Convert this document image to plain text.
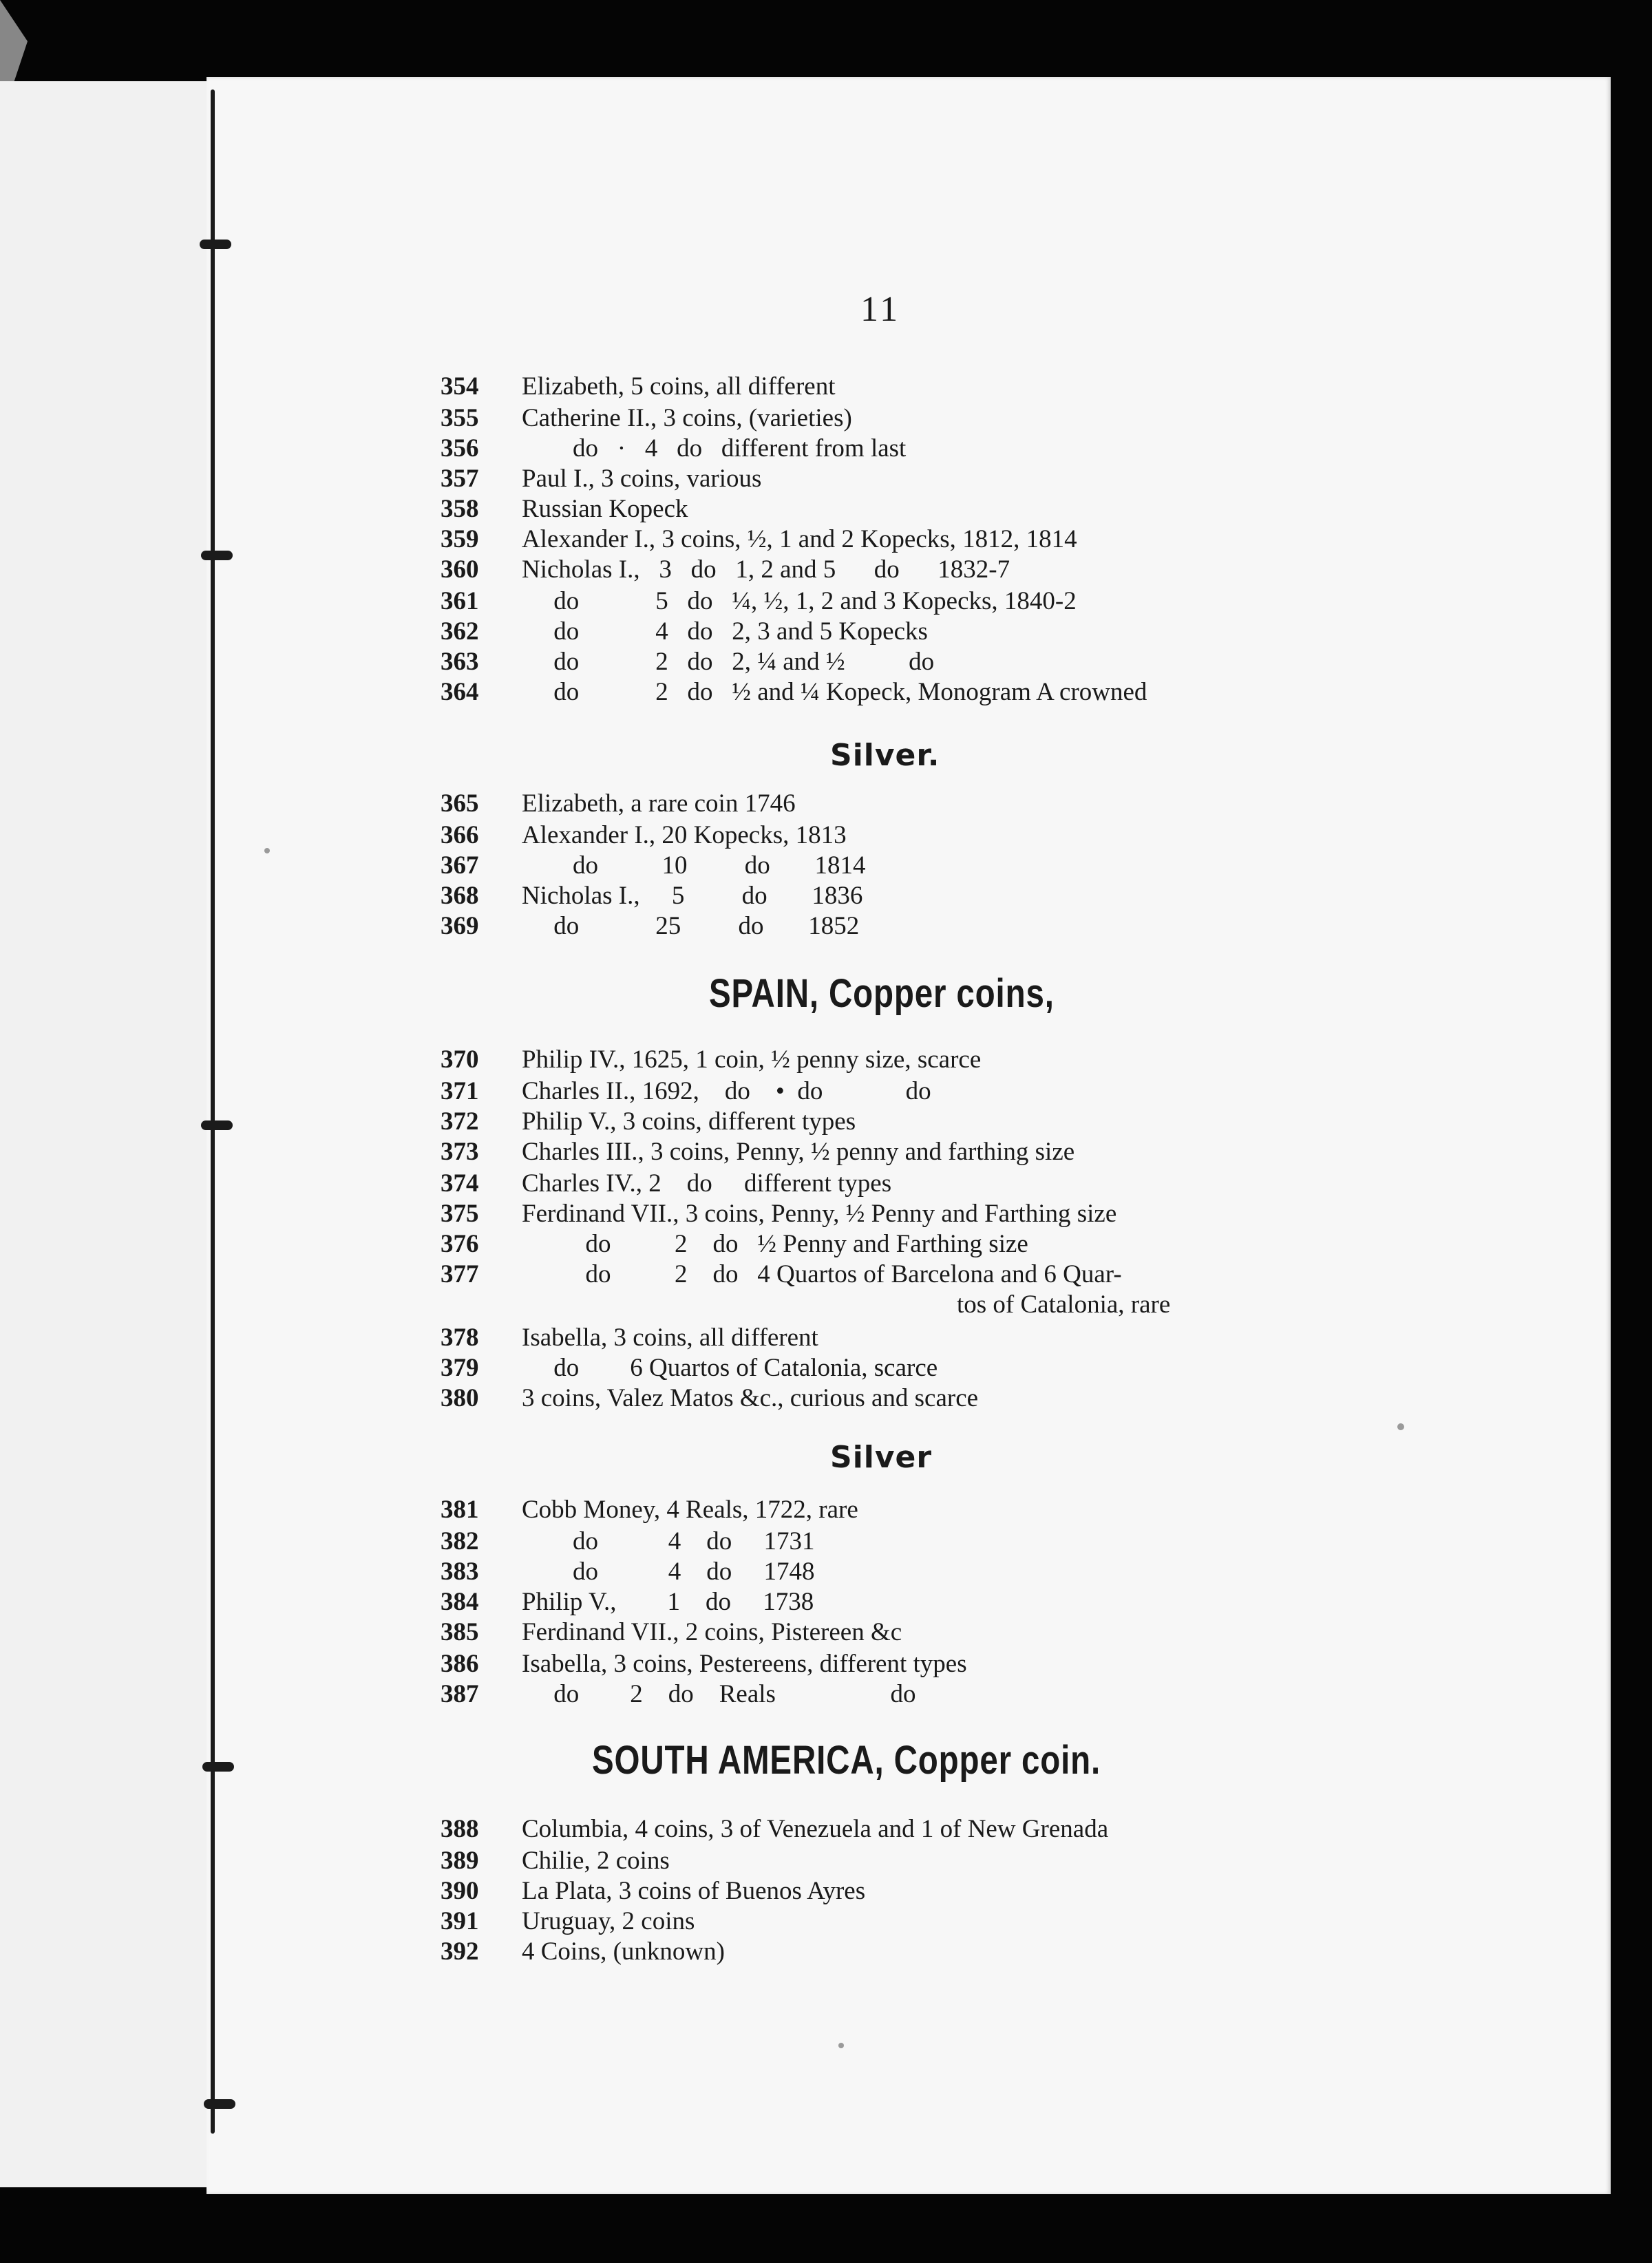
11
354 Elizabeth, 5 coins, all different
355 Catherine II., 3 coins, (varieties)
356        do   ·   4   do   different from last
357 Paul I., 3 coins, various
358 Russian Kopeck
359 Alexander I., 3 coins, ½, 1 and 2 Kopecks, 1812, 1814
360 Nicholas I.,   3   do   1, 2 and 5      do      1832-7
361     do            5   do   ¼, ½, 1, 2 and 3 Kopecks, 1840-2
362     do            4   do   2, 3 and 5 Kopecks
363     do            2   do   2, ¼ and ½          do
364     do            2   do   ½ and ¼ Kopeck, Monogram A crowned
Silver.
365 Elizabeth, a rare coin 1746
366 Alexander I., 20 Kopecks, 1813
367        do          10         do       1814
368 Nicholas I.,     5         do       1836
369     do            25         do       1852
SPAIN, Copper coins,
370 Philip IV., 1625, 1 coin, ½ penny size, scarce
371 Charles II., 1692,    do    •  do             do
372 Philip V., 3 coins, different types
373 Charles III., 3 coins, Penny, ½ penny and farthing size
374 Charles IV., 2    do     different types
375 Ferdinand VII., 3 coins, Penny, ½ Penny and Farthing size
376          do          2    do   ½ Penny and Farthing size
377          do          2    do   4 Quartos of Barcelona and 6 Quar-
tos of Catalonia, rare
378 Isabella, 3 coins, all different
379     do        6 Quartos of Catalonia, scarce
380 3 coins, Valez Matos &c., curious and scarce
Silver
381 Cobb Money, 4 Reals, 1722, rare
382        do           4    do     1731
383        do           4    do     1748
384 Philip V.,        1    do     1738
385 Ferdinand VII., 2 coins, Pistereen &c
386 Isabella, 3 coins, Pestereens, different types
387     do        2    do    Reals                  do
SOUTH AMERICA, Copper coin.
388 Columbia, 4 coins, 3 of Venezuela and 1 of New Grenada
389 Chilie, 2 coins
390 La Plata, 3 coins of Buenos Ayres
391 Uruguay, 2 coins
392 4 Coins, (unknown)
